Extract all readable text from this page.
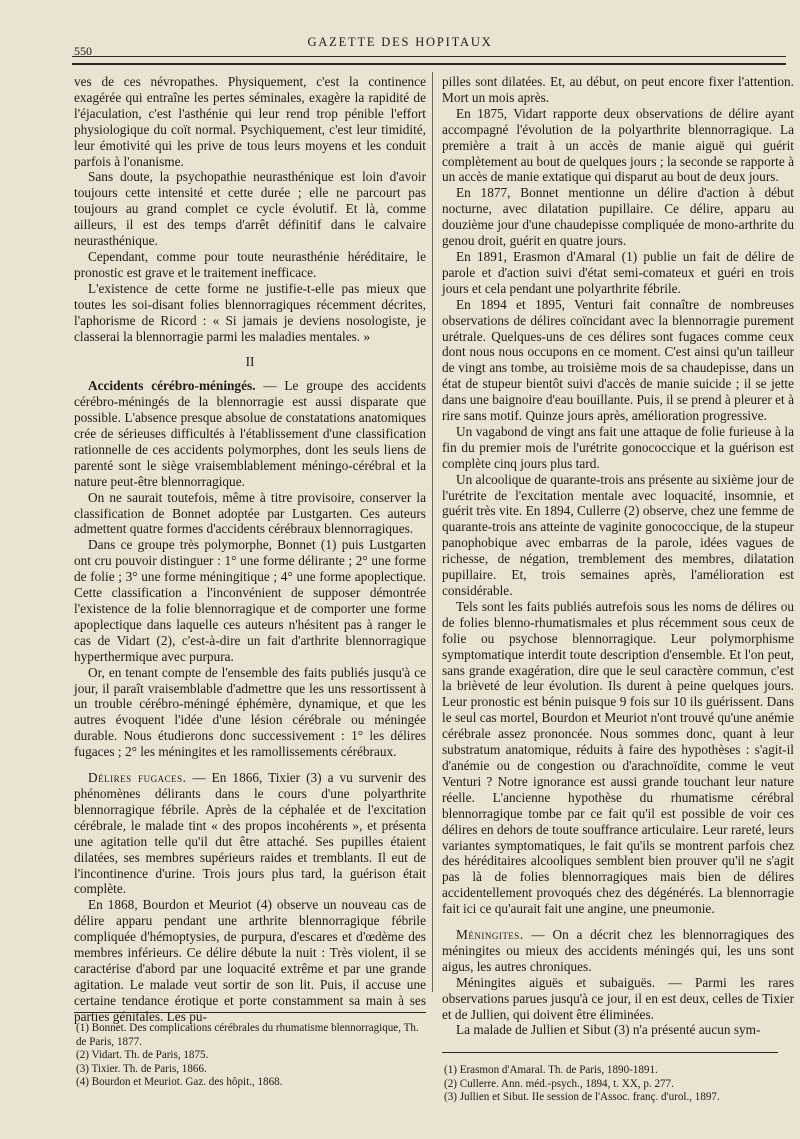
550
GAZETTE DES HOPITAUX

ves de ces névropathes. Physiquement, c'est la continence exagérée qui entraîne les pertes séminales, exagère la rapidité de l'éjaculation, c'est l'asthénie qui leur rend trop pénible l'effort physiologique du coït normal. Psychiquement, c'est leur timidité, leur émotivité qui les prive de tous leurs moyens et les conduit parfois à l'onanisme.

Sans doute, la psychopathie neurasthénique est loin d'avoir toujours cette intensité et cette durée ; elle ne parcourt pas toujours au grand complet ce cycle évolutif. Et là, comme ailleurs, il est des temps d'arrêt définitif dans le calvaire neurasthénique.

Cependant, comme pour toute neurasthénie héréditaire, le pronostic est grave et le traitement inefficace.

L'existence de cette forme ne justifie-t-elle pas mieux que toutes les soi-disant folies blennorragiques récemment décrites, l'aphorisme de Ricord : « Si jamais je deviens nosologiste, je classerai la blennorragie parmi les maladies mentales. »

II

Accidents cérébro-méningés. — Le groupe des accidents cérébro-méningés de la blennorragie est aussi disparate que possible. L'absence presque absolue de constatations anatomiques crée de sérieuses difficultés à l'établissement d'une classification rationnelle de ces accidents polymorphes, dont les seuls liens de parenté sont le siège vraisemblablement méningo-cérébral et la nature peut-être blennorragique.

On ne saurait toutefois, même à titre provisoire, conserver la classification de Bonnet adoptée par Lustgarten. Ces auteurs admettent quatre formes d'accidents cérébraux blennorragiques.

Dans ce groupe très polymorphe, Bonnet (1) puis Lustgarten ont cru pouvoir distinguer : 1° une forme délirante ; 2° une forme de folie ; 3° une forme méningitique ; 4° une forme apoplectique. Cette classification a l'inconvénient de supposer démontrée l'existence de la folie blennorragique et de comporter une forme apoplectique dans laquelle ces auteurs n'hésitent pas à ranger le cas de Vidart (2), c'est-à-dire un fait d'arthrite blennorragique hyperthermique avec purpura.

Or, en tenant compte de l'ensemble des faits publiés jusqu'à ce jour, il paraît vraisemblable d'admettre que les uns ressortissent à un trouble cérébro-méningé éphémère, dynamique, et que les autres évoquent l'idée d'une lésion cérébrale ou méningée durable. Nous étudierons donc successivement : 1° les délires fugaces ; 2° les méningites et les ramollissements cérébraux.

Délires fugaces. — En 1866, Tixier (3) a vu survenir des phénomènes délirants dans le cours d'une polyarthrite blennorragique fébrile. Après de la céphalée et de l'excitation cérébrale, le malade tint « des propos incohérents », et présenta une agitation telle qu'il dut être attaché. Ses pupilles étaient dilatées, ses membres supérieurs raides et tremblants. Il eut de l'incontinence d'urine. Trois jours plus tard, la guérison était complète.

En 1868, Bourdon et Meuriot (4) observe un nouveau cas de délire apparu pendant une arthrite blennorragique fébrile compliquée d'hémoptysies, de purpura, d'escares et d'œdème des membres inférieurs. Ce délire débute la nuit : Très violent, il se caractérise d'abord par une loquacité extrême et par une grande agitation. Le malade veut sortir de son lit. Puis, il accuse une certaine tendance érotique et porte constamment sa main à ses parties génitales. Les pu-

(1) Bonnet. Des complications cérébrales du rhumatisme blennorragique, Th. de Paris, 1877.

(2) Vidart. Th. de Paris, 1875.

(3) Tixier. Th. de Paris, 1866.

(4) Bourdon et Meuriot. Gaz. des hôpit., 1868.

pilles sont dilatées. Et, au début, on peut encore fixer l'attention. Mort un mois après.

En 1875, Vidart rapporte deux observations de délire ayant accompagné l'évolution de la polyarthrite blennorragique. La première a trait à un accès de manie aiguë qui guérit complètement au bout de quelques jours ; la seconde se rapporte à un accès de manie extatique qui disparut au bout de deux jours.

En 1877, Bonnet mentionne un délire d'action à début nocturne, avec dilatation pupillaire. Ce délire, apparu au douzième jour d'une chaudepisse compliquée de mono-arthrite du genou droit, guérit en quatre jours.

En 1891, Erasmon d'Amaral (1) publie un fait de délire de parole et d'action suivi d'état semi-comateux et guéri en trois jours et cela pendant une polyarthrite fébrile.

En 1894 et 1895, Venturi fait connaître de nombreuses observations de délires coïncidant avec la blennorragie purement urétrale. Quelques-uns de ces délires sont fugaces comme ceux dont nous nous occupons en ce moment. C'est ainsi qu'un tailleur de vingt ans tombe, au troisième mois de sa chaudepisse, dans un état de stupeur bientôt suivi d'accès de manie suicide ; il se jette dans une baignoire d'eau bouillante. Puis, il se prend à pleurer et à rire sans motif. Quinze jours après, amélioration progressive.

Un vagabond de vingt ans fait une attaque de folie furieuse à la fin du premier mois de l'urétrite gonococcique et la guérison est complète cinq jours plus tard.

Un alcoolique de quarante-trois ans présente au sixième jour de l'urétrite de l'excitation mentale avec loquacité, insomnie, et guérit très vite. En 1894, Cullerre (2) observe, chez une femme de quarante-trois ans atteinte de vaginite gonococcique, de la stupeur panophobique avec embarras de la parole, idées vagues de richesse, de négation, tremblement des membres, dilatation pupillaire. Et, trois semaines après, l'amélioration est considérable.

Tels sont les faits publiés autrefois sous les noms de délires ou de folies blenno-rhumatismales et plus récemment sous ceux de folie ou psychose blennorragique. Leur polymorphisme symptomatique interdit toute description d'ensemble. Et l'on peut, sans grande exagération, dire que le seul caractère commun, c'est la brièveté de leur évolution. Ils durent à peine quelques jours. Leur pronostic est bénin puisque 9 fois sur 10 ils guérissent. Dans le seul cas mortel, Bourdon et Meuriot n'ont trouvé qu'une anémie cérébrale assez prononcée. Nous sommes donc, quant à leur substratum anatomique, réduits à faire des hypothèses : s'agit-il d'anémie ou de congestion ou d'arachnoïdite, comme le veut Venturi ? Notre ignorance est aussi grande touchant leur nature réelle. L'ancienne hypothèse du rhumatisme cérébral blennorragique tombe par ce fait qu'il est possible de voir ces délires en dehors de toute souffrance articulaire. Leur rareté, leurs variantes symptomatiques, le fait qu'ils se montrent parfois chez des héréditaires alcooliques semblent bien prouver qu'il ne s'agit pas là de folies blennorragiques mais bien de délires accidentellement provoqués chez des dégénérés. La blennorragie fait ici ce qu'aurait fait une angine, une pneumonie.

Méningites. — On a décrit chez les blennorragiques des méningites ou mieux des accidents méningés qui, les uns sont aigus, les autres chroniques.

Méningites aiguës et subaiguës. — Parmi les rares observations parues jusqu'à ce jour, il en est deux, celles de Tixier et de Jullien, qui doivent être éliminées.

La malade de Jullien et Sibut (3) n'a présenté aucun sym-

(1) Erasmon d'Amaral. Th. de Paris, 1890-1891.

(2) Cullerre. Ann. méd.-psych., 1894, t. XX, p. 277.

(3) Jullien et Sibut. IIe session de l'Assoc. franç. d'urol., 1897.
